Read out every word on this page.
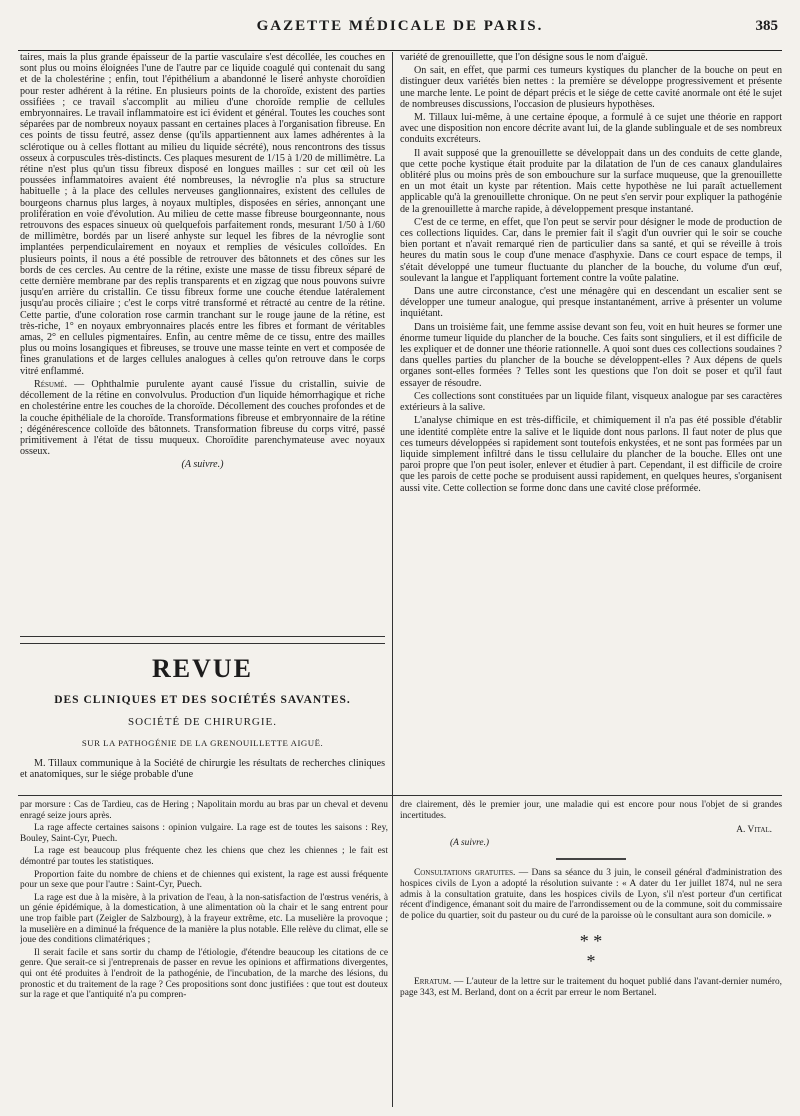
GAZETTE MÉDICALE DE PARIS.	385

taires, mais la plus grande épaisseur de la partie vasculaire s'est décollée, les couches en sont plus ou moins éloignées l'une de l'autre par ce liquide coagulé qui contenait du sang et de la cholestérine ; enfin, tout l'épithélium a abandonné le liseré anhyste choroïdien pour rester adhérent à la rétine. En plusieurs points de la choroïde, existent des parties ossifiées ; ce travail s'accomplit au milieu d'une choroïde remplie de cellules embryonnaires. Le travail inflammatoire est ici évident et général. Toutes les couches sont séparées par de nombreux noyaux passant en certaines places à l'organisation fibreuse. En ces points de tissu feutré, assez dense (qu'ils appartiennent aux lames adhérentes à la sclérotique ou à celles flottant au milieu du liquide sécrété), nous rencontrons des tissus osseux à corpuscules très-distincts. Ces plaques mesurent de 1/15 à 1/20 de millimètre. La rétine n'est plus qu'un tissu fibreux disposé en longues mailles : sur cet œil où les poussées inflammatoires avaient été nombreuses, la névroglie n'a plus sa structure habituelle ; à la place des cellules nerveuses ganglionnaires, existent des cellules de bourgeons charnus plus larges, à noyaux multiples, disposées en séries, annonçant une prolifération en voie d'évolution. Au milieu de cette masse fibreuse bourgeonnante, nous retrouvons des espaces sinueux où quelquefois parfaitement ronds, mesurant 1/50 à 1/60 de millimètre, bordés par un liseré anhyste sur lequel les fibres de la névroglie sont implantées perpendiculairement en noyaux et remplies de vésicules colloïdes. En plusieurs points, il nous a été possible de retrouver des bâtonnets et des cônes sur les bords de ces cercles. Au centre de la rétine, existe une masse de tissu fibreux séparé de cette dernière membrane par des replis transparents et en zigzag que nous pouvons suivre jusqu'en arrière du cristallin. Ce tissu fibreux forme une couche étendue latéralement jusqu'au procès ciliaire ; c'est le corps vitré transformé et rétracté au centre de la rétine. Cette partie, d'une coloration rose carmin tranchant sur le rouge jaune de la rétine, est très-riche, 1° en noyaux embryonnaires placés entre les fibres et formant de véritables amas, 2° en cellules pigmentaires. Enfin, au centre même de ce tissu, entre des mailles plus ou moins losangiques et fibreuses, se trouve une masse teinte en vert et composée de fines granulations et de larges cellules analogues à celles qu'on retrouve dans le corps vitré enflammé.

Résumé. — Ophthalmie purulente ayant causé l'issue du cristallin, suivie de décollement de la rétine en convolvulus. Production d'un liquide hémorrhagique et riche en cholestérine entre les couches de la choroïde. Décollement des couches profondes et de la couche épithéliale de la choroïde. Transformations fibreuse et embryonnaire de la rétine ; dégénérescence colloïde des bâtonnets. Transformation fibreuse du corps vitré, passé primitivement à l'état de tissu muqueux. Choroïdite parenchymateuse avec noyaux osseux.

(A suivre.)
REVUE
DES CLINIQUES ET DES SOCIÉTÉS SAVANTES.
SOCIÉTÉ DE CHIRURGIE.
SUR LA PATHOGÉNIE DE LA GRENOUILLETTE AIGUË.
M. Tillaux communique à la Société de chirurgie les résultats de recherches cliniques et anatomiques, sur le siége probable d'une

variété de grenouillette, que l'on désigne sous le nom d'aiguë.

On sait, en effet, que parmi ces tumeurs kystiques du plancher de la bouche on peut en distinguer deux variétés bien nettes : la première se développe progressivement et présente une marche lente. Le point de départ précis et le siége de cette cavité anormale ont été le sujet de nombreuses discussions, l'occasion de plusieurs hypothèses.

M. Tillaux lui-même, à une certaine époque, a formulé à ce sujet une théorie en rapport avec une disposition non encore décrite avant lui, de la glande sublinguale et de ses nombreux conduits excréteurs.

Il avait supposé que la grenouillette se développait dans un des conduits de cette glande, que cette poche kystique était produite par la dilatation de l'un de ces canaux glandulaires oblitéré plus ou moins près de son embouchure sur la surface muqueuse, que la grenouillette en un mot était un kyste par rétention. Mais cette hypothèse ne lui paraît actuellement applicable qu'à la grenouillette chronique. On ne peut s'en servir pour expliquer la pathogénie de la grenouillette à marche rapide, à développement presque instantané.

C'est de ce terme, en effet, que l'on peut se servir pour désigner le mode de production de ces collections liquides. Car, dans le premier fait il s'agit d'un ouvrier qui le soir se couche bien portant et n'avait remarqué rien de particulier dans sa santé, et qui se réveille à trois heures du matin sous le coup d'une menace d'asphyxie. Dans ce court espace de temps, il s'était développé une tumeur fluctuante du plancher de la bouche, du volume d'un œuf, soulevant la langue et l'appliquant fortement contre la voûte palatine.

Dans une autre circonstance, c'est une ménagère qui en descendant un escalier sent se développer une tumeur analogue, qui presque instantanément, arrive à présenter un volume inquiétant.

Dans un troisième fait, une femme assise devant son feu, voit en huit heures se former une énorme tumeur liquide du plancher de la bouche. Ces faits sont singuliers, et il est difficile de les expliquer et de donner une théorie rationnelle. A quoi sont dues ces collections soudaines ? dans quelles parties du plancher de la bouche se développent-elles ? Aux dépens de quels organes sont-elles formées ? Telles sont les questions que l'on doit se poser et qu'il faut essayer de résoudre.

Ces collections sont constituées par un liquide filant, visqueux analogue par ses caractères extérieurs à la salive.

L'analyse chimique en est très-difficile, et chimiquement il n'a pas été possible d'établir une identité complète entre la salive et le liquide dont nous parlons. Il faut noter de plus que ces tumeurs développées si rapidement sont toutefois enkystées, et ne sont pas formées par un liquide simplement infiltré dans le tissu cellulaire du plancher de la bouche. Elles ont une paroi propre que l'on peut isoler, enlever et étudier à part. Cependant, il est difficile de croire que les parois de cette poche se produisent aussi rapidement, en quelques heures, s'organisent aussi vite. Cette collection se forme donc dans une cavité close préformée.

par morsure : Cas de Tardieu, cas de Hering ; Napolitain mordu au bras par un cheval et devenu enragé seize jours après.

La rage affecte certaines saisons : opinion vulgaire. La rage est de toutes les saisons : Rey, Bouley, Saint-Cyr, Puech.

La rage est beaucoup plus fréquente chez les chiens que chez les chiennes ; le fait est démontré par toutes les statistiques.

Proportion faite du nombre de chiens et de chiennes qui existent, la rage est aussi fréquente pour un sexe que pour l'autre : Saint-Cyr, Puech.

La rage est due à la misère, à la privation de l'eau, à la non-satisfaction de l'œstrus venéris, à un génie épidémique, à la domestication, à une alimentation où la chair et le sang entrent pour une trop faible part (Zeigler de Salzbourg), à la frayeur extrême, etc. La muselière la provoque ; la muselière en a diminué la fréquence de la manière la plus notable. Elle relève du climat, elle se joue des conditions climatériques ;

Il serait facile et sans sortir du champ de l'étiologie, d'étendre beaucoup les citations de ce genre. Que serait-ce si j'entreprenais de passer en revue les opinions et affirmations divergentes, qui ont été produites à l'endroit de la pathogénie, de l'incubation, de la marche des lésions, du pronostic et du traitement de la rage ? Ces propositions sont donc justifiées : que tout est douteux sur la rage et que l'antiquité n'a pu compren-

dre clairement, dès le premier jour, une maladie qui est encore pour nous l'objet de si grandes incertitudes.

A. Vital.
(A suivre.)

Consultations gratuites. — Dans sa séance du 3 juin, le conseil général d'administration des hospices civils de Lyon a adopté la résolution suivante : « A dater du 1er juillet 1874, nul ne sera admis à la consultation gratuite, dans les hospices civils de Lyon, s'il n'est porteur d'un certificat récent d'indigence, émanant soit du maire de l'arrondissement ou de la commune, soit du commissaire de police du quartier, soit du pasteur ou du curé de la paroisse où le consultant aura son domicile. »

* *
*

Erratum. — L'auteur de la lettre sur le traitement du hoquet publié dans l'avant-dernier numéro, page 343, est M. Berland, dont on a écrit par erreur le nom Bertanel.
